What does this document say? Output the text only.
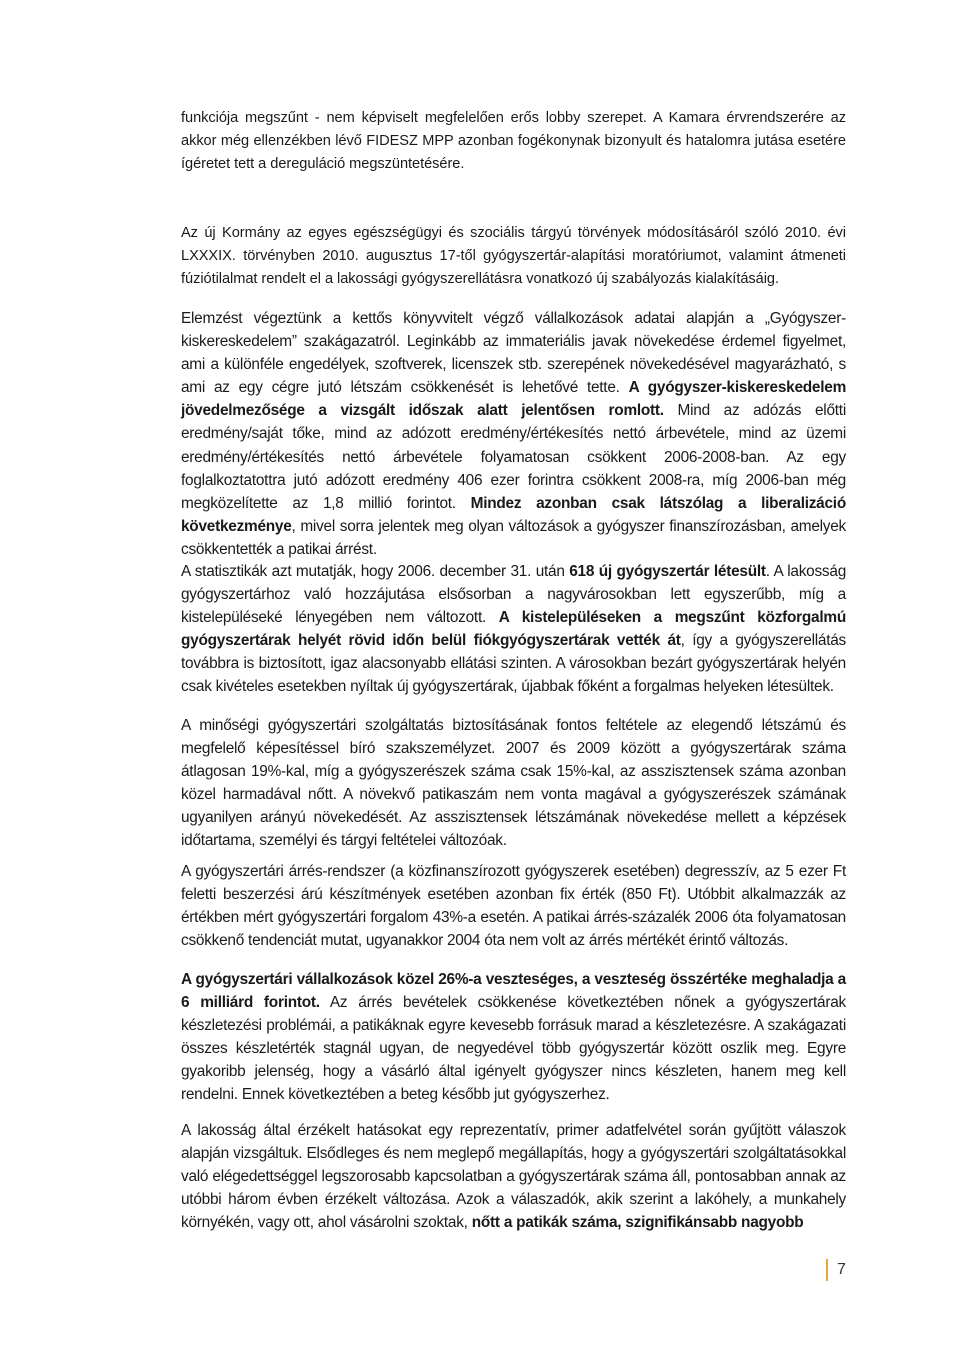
funkciója megszűnt - nem képviselt megfelelően erős lobby szerepet. A Kamara érvrendszerére az akkor még ellenzékben lévő FIDESZ MPP azonban fogékonynak bizonyult és hatalomra jutása esetére ígéretet tett a dereguláció megszüntetésére.

Az új Kormány az egyes egészségügyi és szociális tárgyú törvények módosításáról szóló 2010. évi LXXXIX. törvényben 2010. augusztus 17-től gyógyszertár-alapítási moratóriumot, valamint átmeneti fúziótilalmat rendelt el a lakossági gyógyszerellátásra vonatkozó új szabályozás kialakításáig.

Elemzést végeztünk a kettős könyvvitelt végző vállalkozások adatai alapján a „Gyógyszer-kiskereskedelem” szakágazatról. Leginkább az immateriális javak növekedése érdemel figyelmet, ami a különféle engedélyek, szoftverek, licenszek stb. szerepének növekedésével magyarázható, s ami az egy cégre jutó létszám csökkenését is lehetővé tette. A gyógyszer-kiskereskedelem jövedelmezősége a vizsgált időszak alatt jelentősen romlott. Mind az adózás előtti eredmény/saját tőke, mind az adózott eredmény/értékesítés nettó árbevétele, mind az üzemi eredmény/értékesítés nettó árbevétele folyamatosan csökkent 2006-2008-ban. Az egy foglalkoztatottra jutó adózott eredmény 406 ezer forintra csökkent 2008-ra, míg 2006-ban még megközelítette az 1,8 millió forintot. Mindez azonban csak látszólag a liberalizáció következménye, mivel sorra jelentek meg olyan változások a gyógyszer finanszírozásban, amelyek csökkentették a patikai árrést.

A statisztikák azt mutatják, hogy 2006. december 31. után 618 új gyógyszertár létesült. A lakosság gyógyszertárhoz való hozzájutása elsősorban a nagyvárosokban lett egyszerűbb, míg a kistelepüléseké lényegében nem változott. A kistelepüléseken a megszűnt közforgalmú gyógyszertárak helyét rövid időn belül fiókgyógyszertárak vették át, így a gyógyszerellátás továbbra is biztosított, igaz alacsonyabb ellátási szinten. A városokban bezárt gyógyszertárak helyén csak kivételes esetekben nyíltak új gyógyszertárak, újabbak főként a forgalmas helyeken létesültek.

A minőségi gyógyszertári szolgáltatás biztosításának fontos feltétele az elegendő létszámú és megfelelő képesítéssel bíró szakszemélyzet. 2007 és 2009 között a gyógyszertárak száma átlagosan 19%-kal, míg a gyógyszerészek száma csak 15%-kal, az asszisztensek száma azonban közel harmadával nőtt. A növekvő patikaszám nem vonta magával a gyógyszerészek számának ugyanilyen arányú növekedését. Az asszisztensek létszámának növekedése mellett a képzések időtartama, személyi és tárgyi feltételei változóak.

A gyógyszertári árrés-rendszer (a közfinanszírozott gyógyszerek esetében) degresszív, az 5 ezer Ft feletti beszerzési árú készítmények esetében azonban fix érték (850 Ft). Utóbbit alkalmazzák az értékben mért gyógyszertári forgalom 43%-a esetén. A patikai árrés-százalék 2006 óta folyamatosan csökkenő tendenciát mutat, ugyanakkor 2004 óta nem volt az árrés mértékét érintő változás.

A gyógyszertári vállalkozások közel 26%-a veszteséges, a veszteség összértéke meghaladja a 6 milliárd forintot. Az árrés bevételek csökkenése következtében nőnek a gyógyszertárak készletezési problémái, a patikáknak egyre kevesebb forrásuk marad a készletezésre. A szakágazati összes készletérték stagnál ugyan, de negyedével több gyógyszertár között oszlik meg. Egyre gyakoribb jelenség, hogy a vásárló által igényelt gyógyszer nincs készleten, hanem meg kell rendelni. Ennek következtében a beteg később jut gyógyszerhez.

A lakosság által érzékelt hatásokat egy reprezentatív, primer adatfelvétel során gyűjtött válaszok alapján vizsgáltuk. Elsődleges és nem meglepő megállapítás, hogy a gyógyszertári szolgáltatásokkal való elégedettséggel legszorosabb kapcsolatban a gyógyszertárak száma áll, pontosabban annak az utóbbi három évben érzékelt változása. Azok a válaszadók, akik szerint a lakóhely, a munkahely környékén, vagy ott, ahol vásárolni szoktak, nőtt a patikák száma, szignifikánsabb nagyobb

7
